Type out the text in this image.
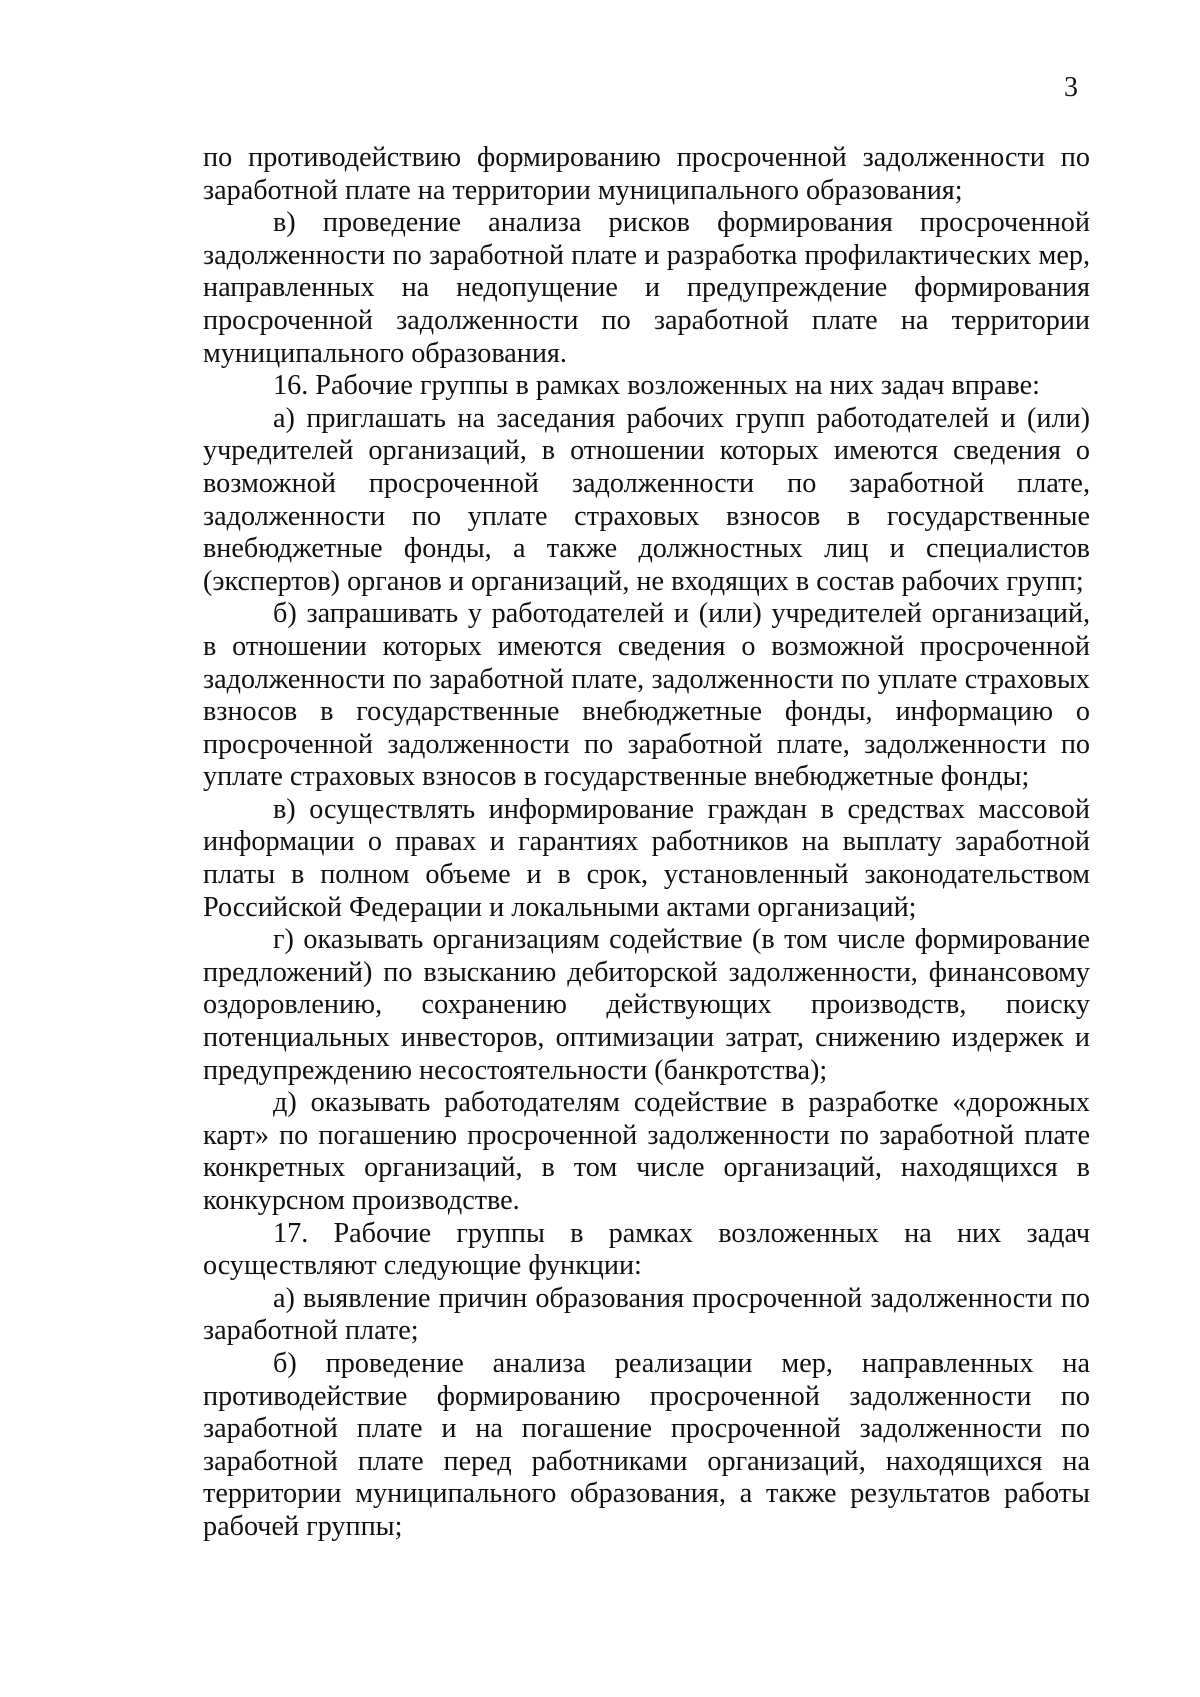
3

по противодействию формированию просроченной задолженности по заработной плате на территории муниципального образования;

в) проведение анализа рисков формирования просроченной задолженности по заработной плате и разработка профилактических мер, направленных на недопущение и предупреждение формирования просроченной задолженности по заработной плате на территории муниципального образования.

16. Рабочие группы в рамках возложенных на них задач вправе:

а) приглашать на заседания рабочих групп работодателей и (или) учредителей организаций, в отношении которых имеются сведения о возможной просроченной задолженности по заработной плате, задолженности по уплате страховых взносов в государственные внебюджетные фонды, а также должностных лиц и специалистов (экспертов) органов и организаций, не входящих в состав рабочих групп;

б) запрашивать у работодателей и (или) учредителей организаций, в отношении которых имеются сведения о возможной просроченной задолженности по заработной плате, задолженности по уплате страховых взносов в государственные внебюджетные фонды, информацию о просроченной задолженности по заработной плате, задолженности по уплате страховых взносов в государственные внебюджетные фонды;

в) осуществлять информирование граждан в средствах массовой информации о правах и гарантиях работников на выплату заработной платы в полном объеме и в срок, установленный законодательством Российской Федерации и локальными актами организаций;

г) оказывать организациям содействие (в том числе формирование предложений) по взысканию дебиторской задолженности, финансовому оздоровлению, сохранению действующих производств, поиску потенциальных инвесторов, оптимизации затрат, снижению издержек и предупреждению несостоятельности (банкротства);

д) оказывать работодателям содействие в разработке «дорожных карт» по погашению просроченной задолженности по заработной плате конкретных организаций, в том числе организаций, находящихся в конкурсном производстве.

17. Рабочие группы в рамках возложенных на них задач осуществляют следующие функции:

а) выявление причин образования просроченной задолженности по заработной плате;

б) проведение анализа реализации мер, направленных на противодействие формированию просроченной задолженности по заработной плате и на погашение просроченной задолженности по заработной плате перед работниками организаций, находящихся на территории муниципального образования, а также результатов работы рабочей группы;
